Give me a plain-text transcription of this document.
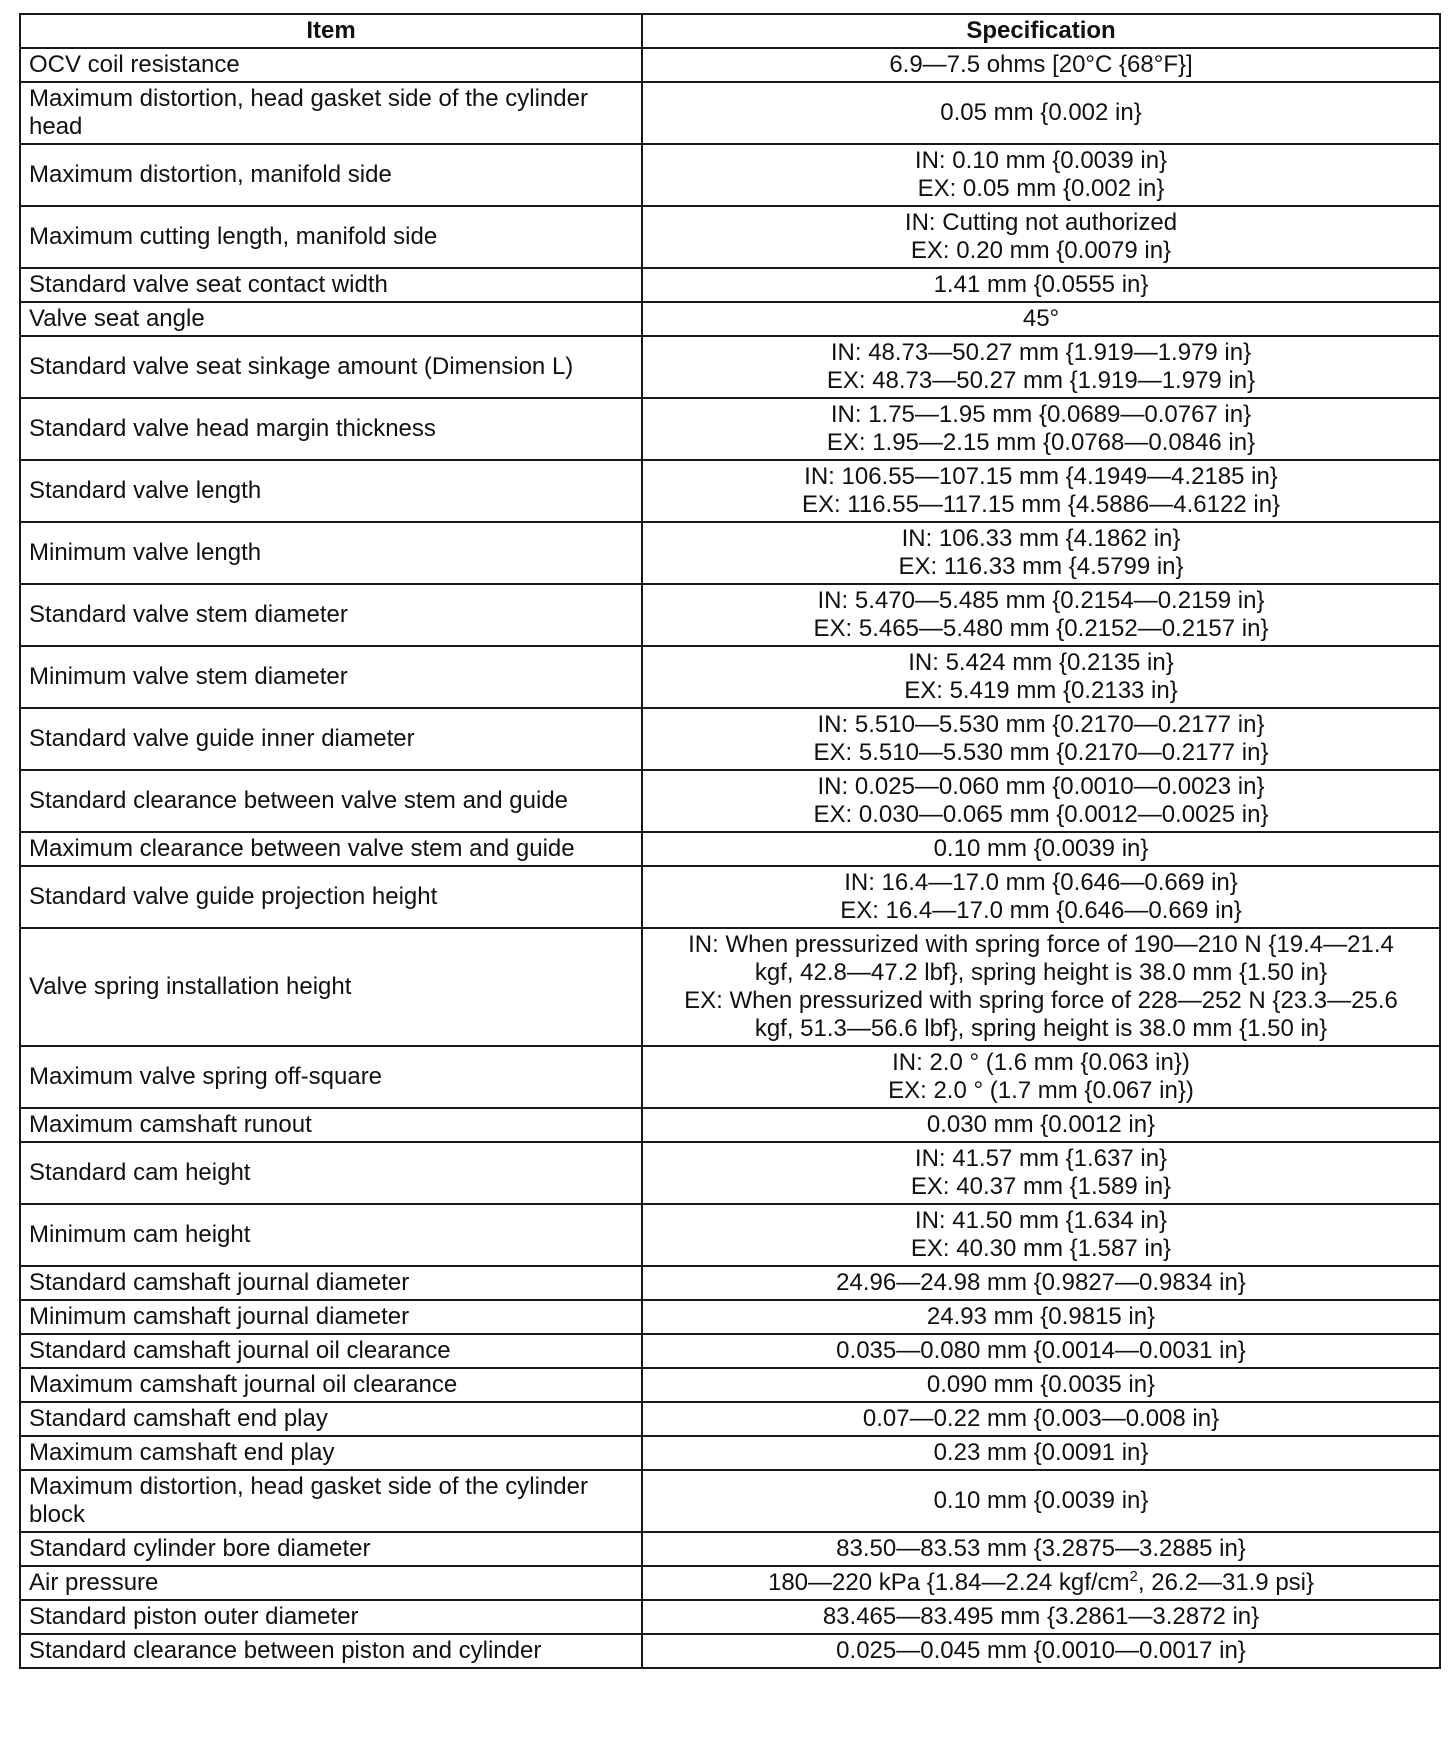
Item	Specification
OCV coil resistance	6.9—7.5 ohms [20°C {68°F}]

Maximum distortion, head gasket side of the cylinder head	0.05 mm {0.002 in}

Maximum distortion, manifold side	IN: 0.10 mm {0.0039 in}
EX: 0.05 mm {0.002 in}

Maximum cutting length, manifold side	IN: Cutting not authorized
EX: 0.20 mm {0.0079 in}

Standard valve seat contact width	1.41 mm {0.0555 in}

Valve seat angle	45°

Standard valve seat sinkage amount (Dimension L)	IN: 48.73—50.27 mm {1.919—1.979 in}
EX: 48.73—50.27 mm {1.919—1.979 in}

Standard valve head margin thickness	IN: 1.75—1.95 mm {0.0689—0.0767 in}
EX: 1.95—2.15 mm {0.0768—0.0846 in}

Standard valve length	IN: 106.55—107.15 mm {4.1949—4.2185 in}
EX: 116.55—117.15 mm {4.5886—4.6122 in}

Minimum valve length	IN: 106.33 mm {4.1862 in}
EX: 116.33 mm {4.5799 in}

Standard valve stem diameter	IN: 5.470—5.485 mm {0.2154—0.2159 in}
EX: 5.465—5.480 mm {0.2152—0.2157 in}

Minimum valve stem diameter	IN: 5.424 mm {0.2135 in}
EX: 5.419 mm {0.2133 in}

Standard valve guide inner diameter	IN: 5.510—5.530 mm {0.2170—0.2177 in}
EX: 5.510—5.530 mm {0.2170—0.2177 in}

Standard clearance between valve stem and guide	IN: 0.025—0.060 mm {0.0010—0.0023 in}
EX: 0.030—0.065 mm {0.0012—0.0025 in}

Maximum clearance between valve stem and guide	0.10 mm {0.0039 in}

Standard valve guide projection height	IN: 16.4—17.0 mm {0.646—0.669 in}
EX: 16.4—17.0 mm {0.646—0.669 in}

Valve spring installation height	IN: When pressurized with spring force of 190—210 N {19.4—21.4
kgf, 42.8—47.2 lbf}, spring height is 38.0 mm {1.50 in}
EX: When pressurized with spring force of 228—252 N {23.3—25.6
kgf, 51.3—56.6 lbf}, spring height is 38.0 mm {1.50 in}

Maximum valve spring off-square	IN: 2.0 ° (1.6 mm {0.063 in})
EX: 2.0 ° (1.7 mm {0.067 in})

Maximum camshaft runout	0.030 mm {0.0012 in}

Standard cam height	IN: 41.57 mm {1.637 in}
EX: 40.37 mm {1.589 in}

Minimum cam height	IN: 41.50 mm {1.634 in}
EX: 40.30 mm {1.587 in}

Standard camshaft journal diameter	24.96—24.98 mm {0.9827—0.9834 in}

Minimum camshaft journal diameter	24.93 mm {0.9815 in}

Standard camshaft journal oil clearance	0.035—0.080 mm {0.0014—0.0031 in}

Maximum camshaft journal oil clearance	0.090 mm {0.0035 in}

Standard camshaft end play	0.07—0.22 mm {0.003—0.008 in}

Maximum camshaft end play	0.23 mm {0.0091 in}

Maximum distortion, head gasket side of the cylinder block	0.10 mm {0.0039 in}

Standard cylinder bore diameter	83.50—83.53 mm {3.2875—3.2885 in}

Air pressure	180—220 kPa {1.84—2.24 kgf/$cm^2$, 26.2—31.9 psi}
Standard piston outer diameter	83.465—83.495 mm {3.2861—3.2872 in}

Standard clearance between piston and cylinder	0.025—0.045 mm {0.0010—0.0017 in}
